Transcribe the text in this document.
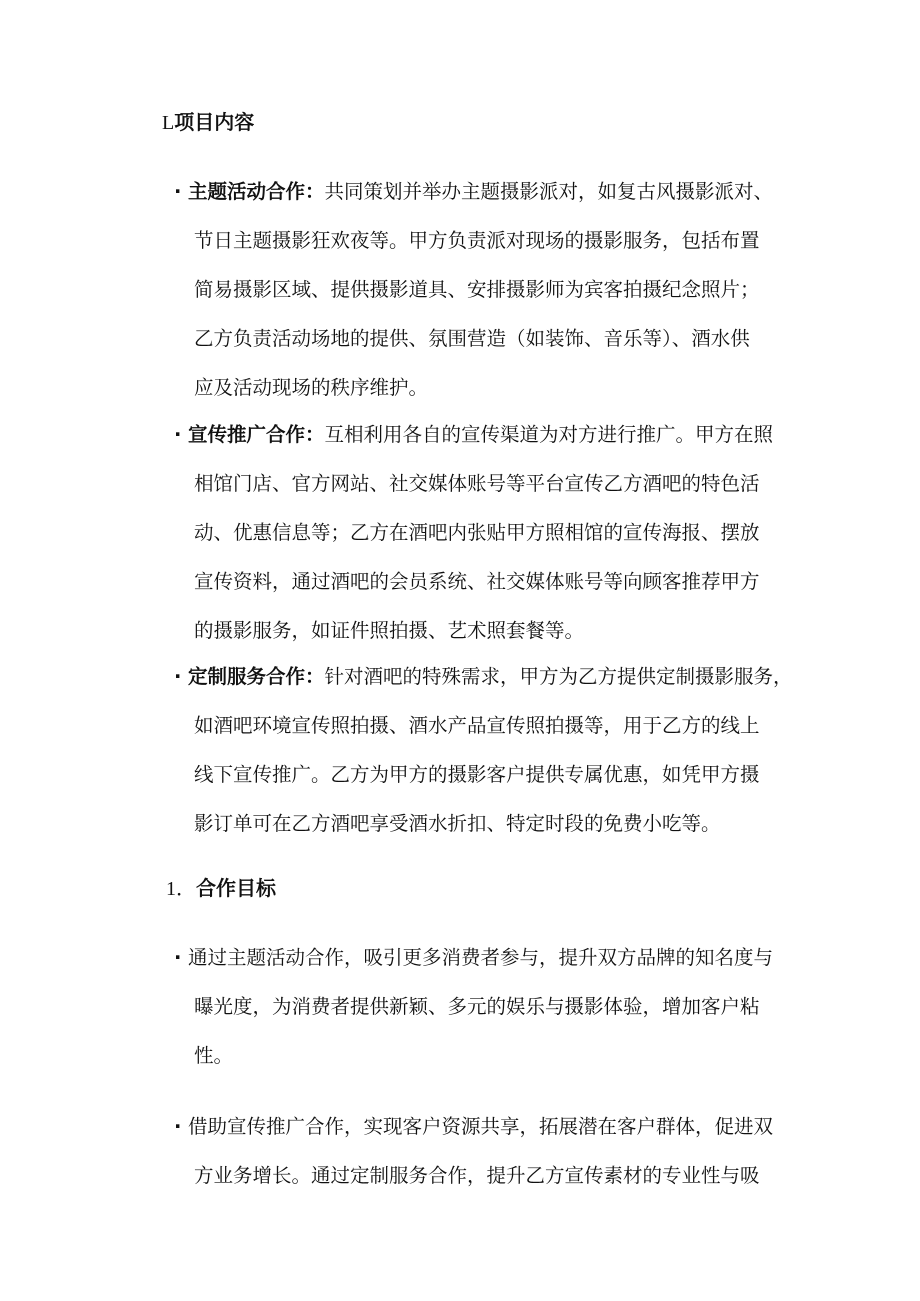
L项目内容
· 主题活动合作：共同策划并举办主题摄影派对，如复古风摄影派对、
节日主题摄影狂欢夜等。甲方负责派对现场的摄影服务，包括布置
简易摄影区域、提供摄影道具、安排摄影师为宾客拍摄纪念照片；
乙方负责活动场地的提供、氛围营造（如装饰、音乐等）、酒水供
应及活动现场的秩序维护。
· 宣传推广合作：互相利用各自的宣传渠道为对方进行推广。甲方在照
相馆门店、官方网站、社交媒体账号等平台宣传乙方酒吧的特色活
动、优惠信息等；乙方在酒吧内张贴甲方照相馆的宣传海报、摆放
宣传资料，通过酒吧的会员系统、社交媒体账号等向顾客推荐甲方
的摄影服务，如证件照拍摄、艺术照套餐等。
· 定制服务合作：针对酒吧的特殊需求，甲方为乙方提供定制摄影服务，
如酒吧环境宣传照拍摄、酒水产品宣传照拍摄等，用于乙方的线上
线下宣传推广。乙方为甲方的摄影客户提供专属优惠，如凭甲方摄
影订单可在乙方酒吧享受酒水折扣、特定时段的免费小吃等。
1．合作目标
· 通过主题活动合作，吸引更多消费者参与，提升双方品牌的知名度与
曝光度，为消费者提供新颖、多元的娱乐与摄影体验，增加客户粘
性。
· 借助宣传推广合作，实现客户资源共享，拓展潜在客户群体，促进双
方业务增长。通过定制服务合作，提升乙方宣传素材的专业性与吸
